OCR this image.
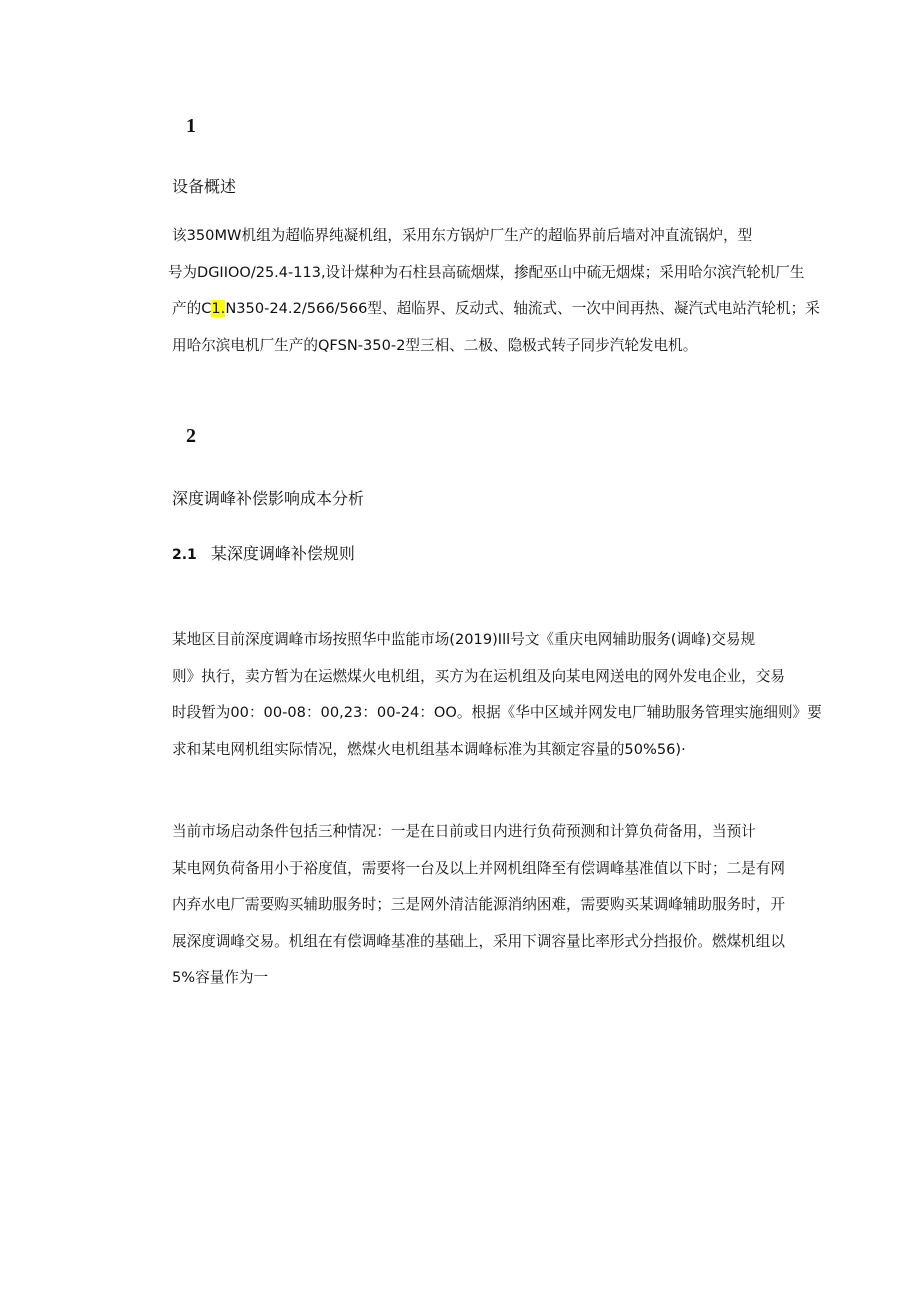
1
设备概述
该350MW机组为超临界纯凝机组，采用东方锅炉厂生产的超临界前后墙对冲直流锅炉，型
号为DGIIOO∕25.4-113,设计煤种为石柱县高硫烟煤，掺配巫山中硫无烟煤；采用哈尔滨汽轮机厂生
产的C1.N350-24.2/566/566型、超临界、反动式、轴流式、一次中间再热、凝汽式电站汽轮机；采
用哈尔滨电机厂生产的QFSN-350-2型三相、二极、隐极式转子同步汽轮发电机。
2
深度调峰补偿影响成本分析
2.1 某深度调峰补偿规则
某地区目前深度调峰市场按照华中监能市场(2019)Ill号文《重庆电网辅助服务(调峰)交易规
则》执行，卖方暂为在运燃煤火电机组，买方为在运机组及向某电网送电的网外发电企业，交易
时段暂为00：00-08：00,23：00-24：OO。根据《华中区域并网发电厂辅助服务管理实施细则》要
求和某电网机组实际情况，燃煤火电机组基本调峰标准为其额定容量的50%56)·
当前市场启动条件包括三种情况：一是在日前或日内进行负荷预测和计算负荷备用，当预计
某电网负荷备用小于裕度值，需要将一台及以上并网机组降至有偿调峰基准值以下时；二是有网
内弃水电厂需要购买辅助服务时；三是网外清洁能源消纳困难，需要购买某调峰辅助服务时，开
展深度调峰交易。机组在有偿调峰基准的基础上，采用下调容量比率形式分挡报价。燃煤机组以
5%容量作为一
